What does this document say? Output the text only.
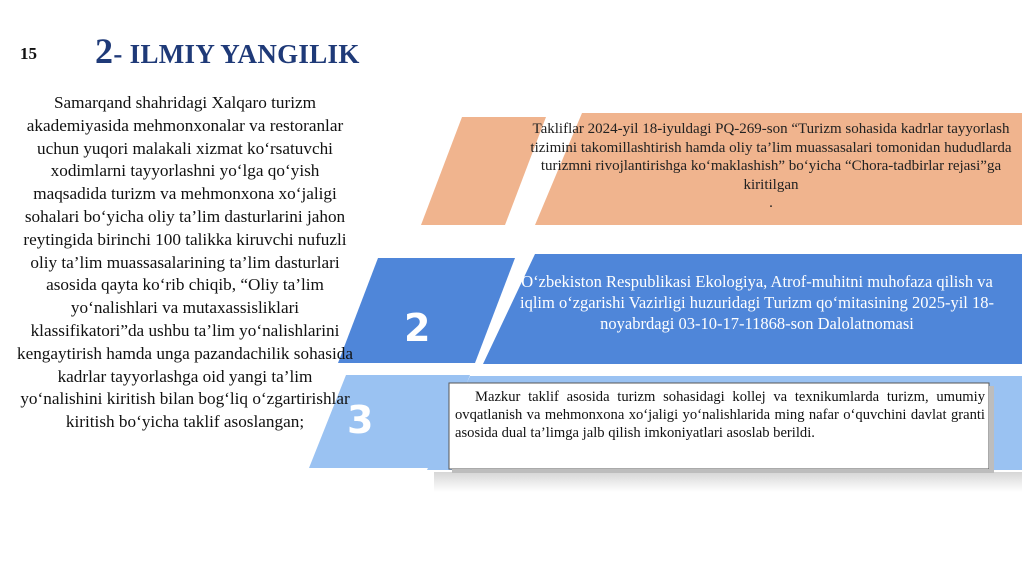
15 2- ILMIY YANGILIK
Samarqand shahridagi Xalqaro turizm akademiyasida mehmonxonalar va restoranlar uchun yuqori malakali xizmat ko‘rsatuvchi xodimlarni tayyorlashni yo‘lga qo‘yish maqsadida turizm va mehmonxona xo‘jaligi sohalari bo‘yicha oliy ta’lim dasturlarini jahon reytingida birinchi 100 talikka kiruvchi nufuzli oliy ta’lim muassasalarining ta’lim dasturlari asosida qayta ko‘rib chiqib, “Oliy ta’lim yo‘nalishlari va mutaxassisliklari klassifikatori”da ushbu ta’lim yo‘nalishlarini kengaytirish hamda unga pazandachilik sohasida kadrlar tayyorlashga oid yangi ta’lim yo‘nalishini kiritish bilan bog‘liq o‘zgartirishlar kiritish bo‘yicha taklif asoslangan;
Takliflar 2024-yil 18-iyuldagi PQ-269-son “Turizm sohasida kadrlar tayyorlash tizimini takomillashtirish hamda oliy ta’lim muassasalari tomonidan hududlarda turizmni rivojlantirishga ko‘maklashish” bo‘yicha “Chora-tadbirlar rejasi”ga kiritilgan
.
2
O‘zbekiston Respublikasi Ekologiya, Atrof-muhitni muhofaza qilish va iqlim o‘zgarishi Vazirligi huzuridagi Turizm qo‘mitasining 2025-yil 18-noyabrdagi 03-10-17-11868-son Dalolatnomasi
3
Mazkur taklif asosida turizm sohasidagi kollej va texnikumlarda turizm, umumiy ovqatlanish va mehmonxona xo‘jaligi yo‘nalishlarida ming nafar o‘quvchini davlat granti asosida dual ta’limga jalb qilish imkoniyatlari asoslab berildi.
